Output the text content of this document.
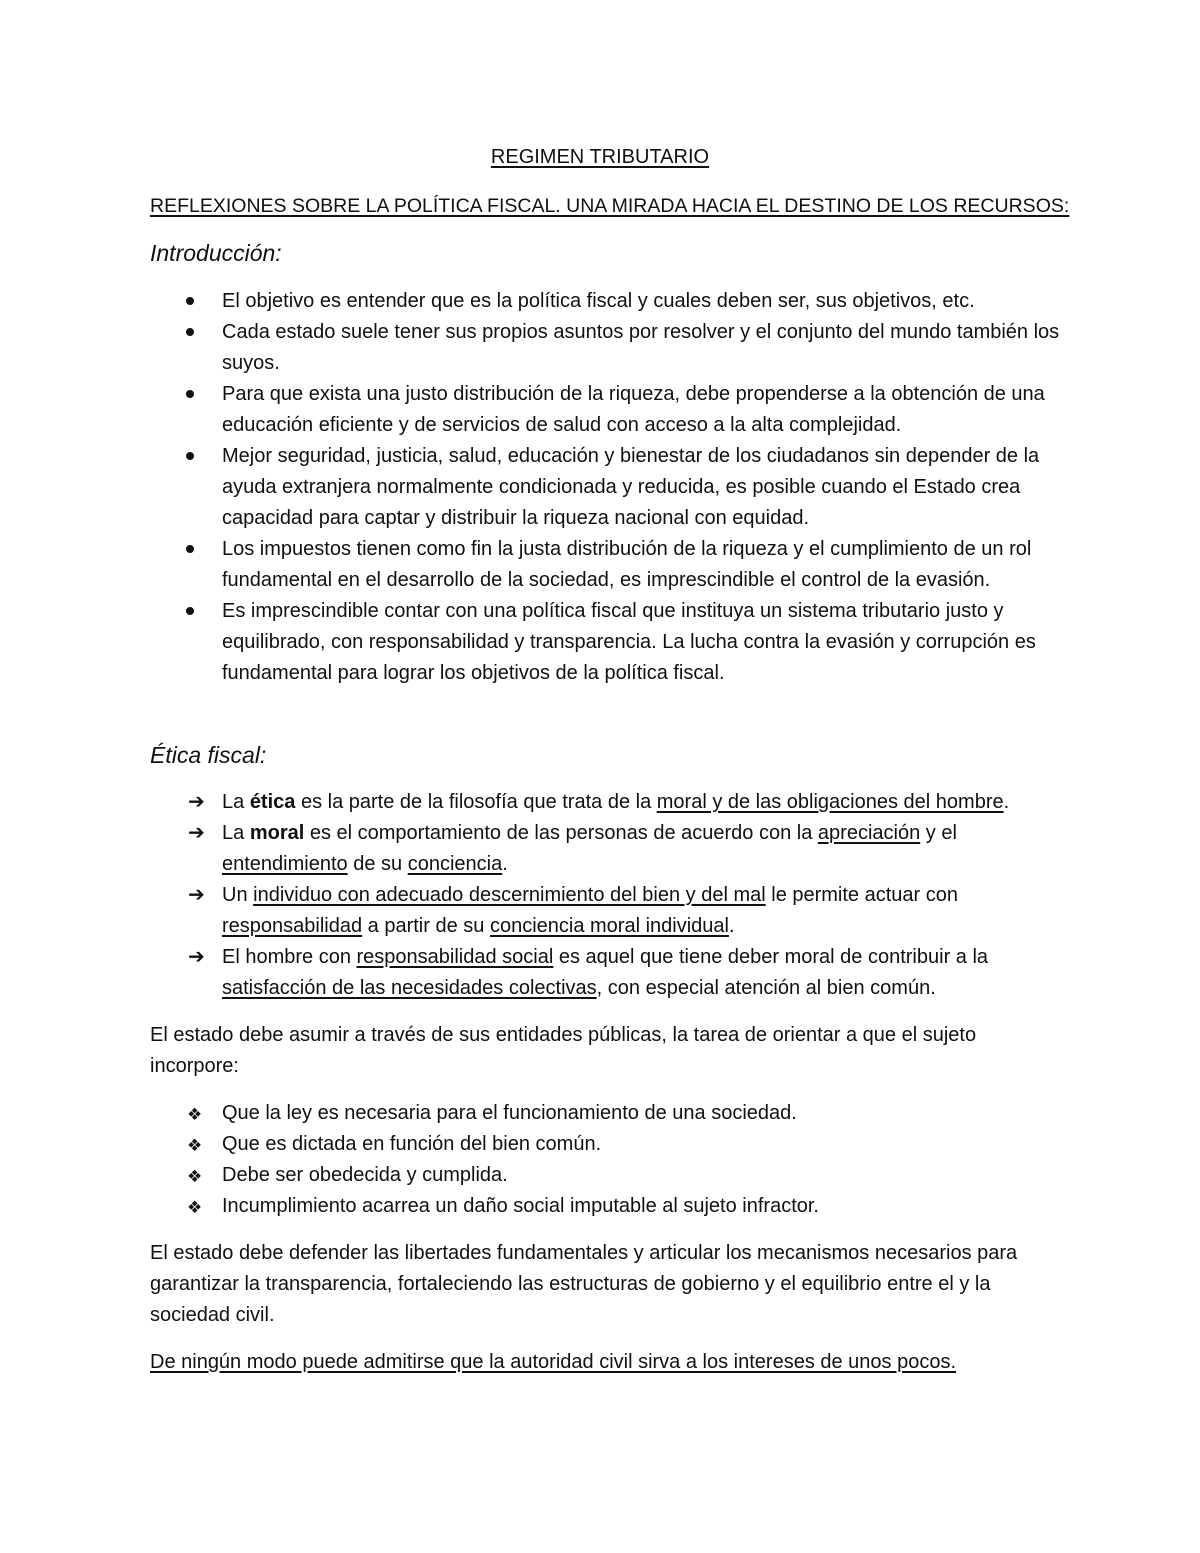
REGIMEN TRIBUTARIO
REFLEXIONES SOBRE LA POLÍTICA FISCAL. UNA MIRADA HACIA EL DESTINO DE LOS RECURSOS:
Introducción:
El objetivo es entender que es la política fiscal y cuales deben ser, sus objetivos, etc.
Cada estado suele tener sus propios asuntos por resolver y el conjunto del mundo también los suyos.
Para que exista una justo distribución de la riqueza, debe propenderse a la obtención de una educación eficiente y de servicios de salud con acceso a la alta complejidad.
Mejor seguridad, justicia, salud, educación y bienestar de los ciudadanos sin depender de la ayuda extranjera normalmente condicionada y reducida, es posible cuando el Estado crea capacidad para captar y distribuir la riqueza nacional con equidad.
Los impuestos tienen como fin la justa distribución de la riqueza y el cumplimiento de un rol fundamental en el desarrollo de la sociedad, es imprescindible el control de la evasión.
Es imprescindible contar con una política fiscal que instituya un sistema tributario justo y equilibrado, con responsabilidad y transparencia. La lucha contra la evasión y corrupción es fundamental para lograr los objetivos de la política fiscal.
Ética fiscal:
➔ La ética es la parte de la filosofía que trata de la moral y de las obligaciones del hombre.
➔ La moral es el comportamiento de las personas de acuerdo con la apreciación y el entendimiento de su conciencia.
➔ Un individuo con adecuado descernimiento del bien y del mal le permite actuar con responsabilidad a partir de su conciencia moral individual.
➔ El hombre con responsabilidad social es aquel que tiene deber moral de contribuir a la satisfacción de las necesidades colectivas, con especial atención al bien común.

El estado debe asumir a través de sus entidades públicas, la tarea de orientar a que el sujeto incorpore:

❖ Que la ley es necesaria para el funcionamiento de una sociedad.
❖ Que es dictada en función del bien común.
❖ Debe ser obedecida y cumplida.
❖ Incumplimiento acarrea un daño social imputable al sujeto infractor.

El estado debe defender las libertades fundamentales y articular los mecanismos necesarios para garantizar la transparencia, fortaleciendo las estructuras de gobierno y el equilibrio entre el y la sociedad civil.

De ningún modo puede admitirse que la autoridad civil sirva a los intereses de unos pocos.
